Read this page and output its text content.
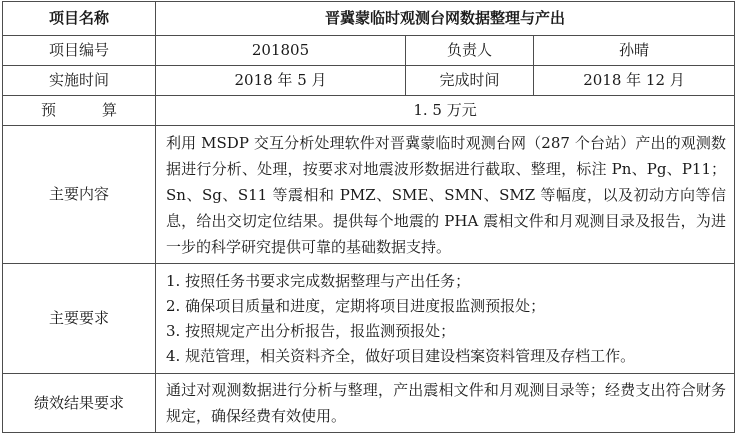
项目名称	晋冀蒙临时观测台网数据整理与产出		
项目编号	201805	负责人	孙晴
实施时间	2018 年 5 月	完成时间	2018 年 12 月
预 算	1. 5 万元		
主要内容	利用 MSDP 交互分析处理软件对晋冀蒙临时观测台网（287 个台站）产出的观测数据进行分析、处理，按要求对地震波形数据进行截取、整理，标注 Pn、Pg、P11；Sn、Sg、S11 等震相和 PMZ、SME、SMN、SMZ 等幅度，以及初动方向等信息，给出交切定位结果。提供每个地震的 PHA 震相文件和月观测目录及报告，为进一步的科学研究提供可靠的基础数据支持。		
主要要求	1. 按照任务书要求完成数据整理与产出任务；
2. 确保项目质量和进度，定期将项目进度报监测预报处；
3. 按照规定产出分析报告，报监测预报处；
4. 规范管理，相关资料齐全，做好项目建设档案资料管理及存档工作。		

绩效结果要求	通过对观测数据进行分析与整理，产出震相文件和月观测目录等；经费支出符合财务规定，确保经费有效使用。		
